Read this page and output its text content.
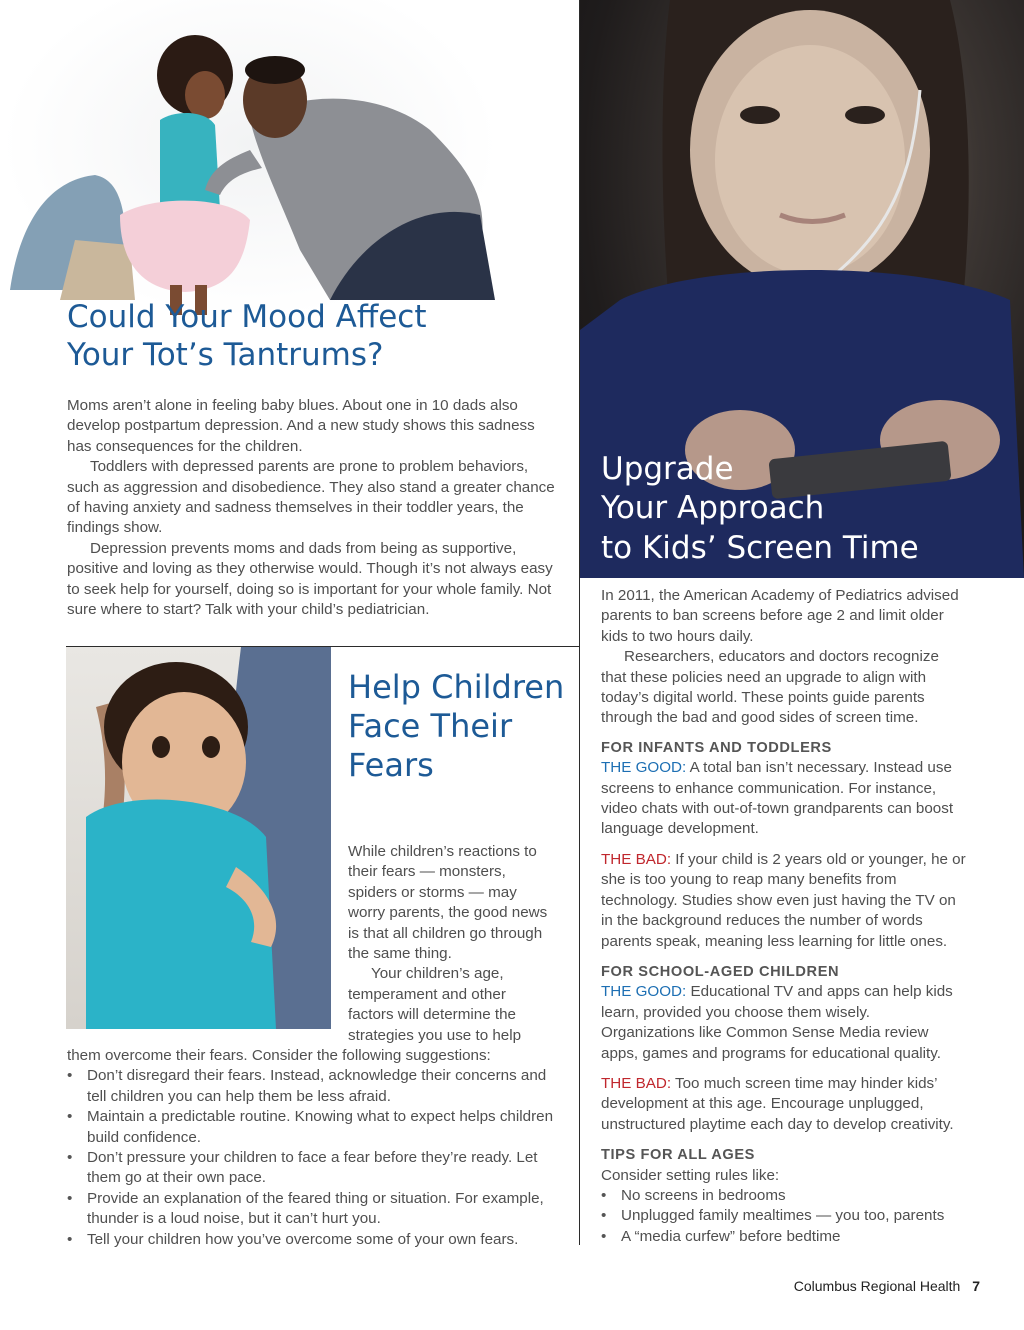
Could Your Mood Affect
Your Tot’s Tantrums?

Moms aren’t alone in feeling baby blues. About one in 10 dads also develop postpartum depression. And a new study shows this sadness has consequences for the children.

Toddlers with depressed parents are prone to problem behaviors, such as aggression and disobedience. They also stand a greater chance of having anxiety and sadness themselves in their toddler years, the findings show.

Depression prevents moms and dads from being as supportive, positive and loving as they otherwise would. Though it’s not always easy to seek help for yourself, doing so is important for your whole family. Not sure where to start? Talk with your child’s pediatrician.

Help Children
Face Their
Fears

While children’s reactions to their fears — monsters, spiders or storms — may worry parents, the good news is that all children go through the same thing.

Your children’s age, temperament and other factors will determine the strategies you use to help

them overcome their fears. Consider the following suggestions:

• Don’t disregard their fears. Instead, acknowledge their concerns and tell children you can help them be less afraid.
• Maintain a predictable routine. Knowing what to expect helps children build confidence.
• Don’t pressure your children to face a fear before they’re ready. Let them go at their own pace.
• Provide an explanation of the feared thing or situation. For example, thunder is a loud noise, but it can’t hurt you.
• Tell your children how you’ve overcome some of your own fears.
Upgrade
Your Approach
to Kids’ Screen Time

In 2011, the American Academy of Pediatrics advised parents to ban screens before age 2 and limit older kids to two hours daily.

Researchers, educators and doctors recognize that these policies need an upgrade to align with today’s digital world. These points guide parents through the bad and good sides of screen time.

FOR INFANTS AND TODDLERS

THE GOOD: A total ban isn’t necessary. Instead use screens to enhance communication. For instance, video chats with out-of-town grandparents can boost language development.

THE BAD: If your child is 2 years old or younger, he or she is too young to reap many benefits from technology. Studies show even just having the TV on in the background reduces the number of words parents speak, meaning less learning for little ones.

FOR SCHOOL-AGED CHILDREN

THE GOOD: Educational TV and apps can help kids learn, provided you choose them wisely. Organizations like Common Sense Media review apps, games and programs for educational quality.

THE BAD: Too much screen time may hinder kids’ development at this age. Encourage unplugged, unstructured playtime each day to develop creativity.

TIPS FOR ALL AGES

Consider setting rules like:

• No screens in bedrooms
• Unplugged family mealtimes — you too, parents
• A “media curfew” before bedtime
Columbus Regional Health 7
